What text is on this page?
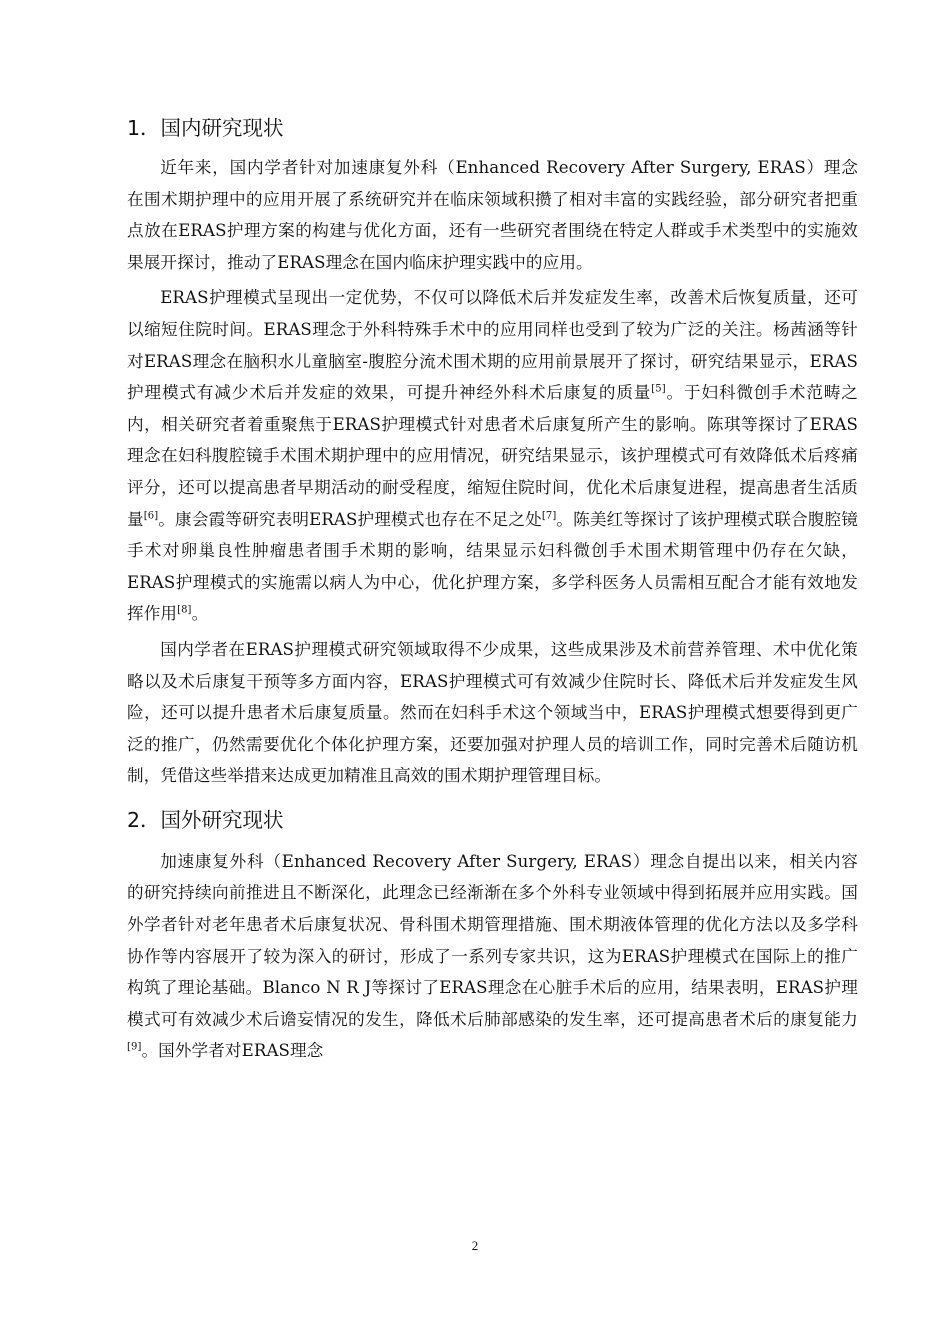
1．国内研究现状

近年来，国内学者针对加速康复外科（Enhanced Recovery After Surgery, ERAS）理念在围术期护理中的应用开展了系统研究并在临床领域积攒了相对丰富的实践经验，部分研究者把重点放在ERAS护理方案的构建与优化方面，还有一些研究者围绕在特定人群或手术类型中的实施效果展开探讨，推动了ERAS理念在国内临床护理实践中的应用。

ERAS护理模式呈现出一定优势，不仅可以降低术后并发症发生率，改善术后恢复质量，还可以缩短住院时间。ERAS理念于外科特殊手术中的应用同样也受到了较为广泛的关注。杨茜涵等针对ERAS理念在脑积水儿童脑室-腹腔分流术围术期的应用前景展开了探讨，研究结果显示，ERAS护理模式有减少术后并发症的效果，可提升神经外科术后康复的质量[5]。于妇科微创手术范畴之内，相关研究者着重聚焦于ERAS护理模式针对患者术后康复所产生的影响。陈琪等探讨了ERAS理念在妇科腹腔镜手术围术期护理中的应用情况，研究结果显示，该护理模式可有效降低术后疼痛评分，还可以提高患者早期活动的耐受程度，缩短住院时间，优化术后康复进程，提高患者生活质量[6]。康会霞等研究表明ERAS护理模式也存在不足之处[7]。陈美红等探讨了该护理模式联合腹腔镜手术对卵巢良性肿瘤患者围手术期的影响，结果显示妇科微创手术围术期管理中仍存在欠缺，ERAS护理模式的实施需以病人为中心，优化护理方案，多学科医务人员需相互配合才能有效地发挥作用[8]。

国内学者在ERAS护理模式研究领域取得不少成果，这些成果涉及术前营养管理、术中优化策略以及术后康复干预等多方面内容，ERAS护理模式可有效减少住院时长、降低术后并发症发生风险，还可以提升患者术后康复质量。然而在妇科手术这个领域当中，ERAS护理模式想要得到更广泛的推广，仍然需要优化个体化护理方案，还要加强对护理人员的培训工作，同时完善术后随访机制，凭借这些举措来达成更加精准且高效的围术期护理管理目标。

2．国外研究现状

加速康复外科（Enhanced Recovery After Surgery, ERAS）理念自提出以来，相关内容的研究持续向前推进且不断深化，此理念已经渐渐在多个外科专业领域中得到拓展并应用实践。国外学者针对老年患者术后康复状况、骨科围术期管理措施、围术期液体管理的优化方法以及多学科协作等内容展开了较为深入的研讨，形成了一系列专家共识，这为ERAS护理模式在国际上的推广构筑了理论基础。Blanco N R J等探讨了ERAS理念在心脏手术后的应用，结果表明，ERAS护理模式可有效减少术后谵妄情况的发生，降低术后肺部感染的发生率，还可提高患者术后的康复能力[9]。国外学者对ERAS理念

2
